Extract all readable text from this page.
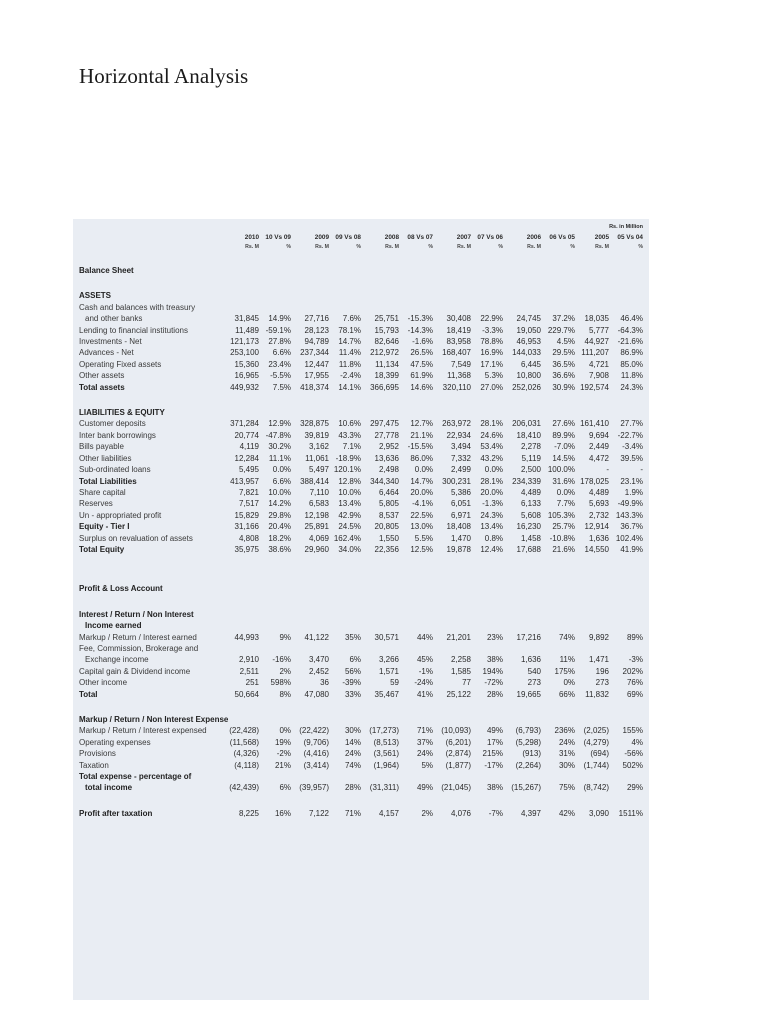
Horizontal Analysis
Rs. in Million
	2010	10 Vs 09	2009	09 Vs 08	2008	08 Vs 07	2007	07 Vs 06	2006	06 Vs 05	2005	05 Vs 04
	Rs. M	%	Rs. M	%	Rs. M	%	Rs. M	%	Rs. M	%	Rs. M	%

Balance Sheet												

ASSETS												
Cash and balances with treasury												
and other banks	31,845	14.9%	27,716	7.6%	25,751	-15.3%	30,408	22.9%	24,745	37.2%	18,035	46.4%
Lending to financial institutions	11,489	-59.1%	28,123	78.1%	15,793	-14.3%	18,419	-3.3%	19,050	229.7%	5,777	-64.3%
Investments - Net	121,173	27.8%	94,789	14.7%	82,646	-1.6%	83,958	78.8%	46,953	4.5%	44,927	-21.6%
Advances - Net	253,100	6.6%	237,344	11.4%	212,972	26.5%	168,407	16.9%	144,033	29.5%	111,207	86.9%
Operating Fixed assets	15,360	23.4%	12,447	11.8%	11,134	47.5%	7,549	17.1%	6,445	36.5%	4,721	85.0%
Other assets	16,965	-5.5%	17,955	-2.4%	18,399	61.9%	11,368	5.3%	10,800	36.6%	7,908	11.8%
Total assets	449,932	7.5%	418,374	14.1%	366,695	14.6%	320,110	27.0%	252,026	30.9%	192,574	24.3%

LIABILITIES & EQUITY												
Customer deposits	371,284	12.9%	328,875	10.6%	297,475	12.7%	263,972	28.1%	206,031	27.6%	161,410	27.7%
Inter bank borrowings	20,774	-47.8%	39,819	43.3%	27,778	21.1%	22,934	24.6%	18,410	89.9%	9,694	-22.7%
Bills payable	4,119	30.2%	3,162	7.1%	2,952	-15.5%	3,494	53.4%	2,278	-7.0%	2,449	-3.4%
Other liabilities	12,284	11.1%	11,061	-18.9%	13,636	86.0%	7,332	43.2%	5,119	14.5%	4,472	39.5%
Sub-ordinated loans	5,495	0.0%	5,497	120.1%	2,498	0.0%	2,499	0.0%	2,500	100.0%	-	-
Total Liabilities	413,957	6.6%	388,414	12.8%	344,340	14.7%	300,231	28.1%	234,339	31.6%	178,025	23.1%
Share capital	7,821	10.0%	7,110	10.0%	6,464	20.0%	5,386	20.0%	4,489	0.0%	4,489	1.9%
Reserves	7,517	14.2%	6,583	13.4%	5,805	-4.1%	6,051	-1.3%	6,133	7.7%	5,693	-49.9%
Un - appropriated profit	15,829	29.8%	12,198	42.9%	8,537	22.5%	6,971	24.3%	5,608	105.3%	2,732	143.3%
Equity - Tier I	31,166	20.4%	25,891	24.5%	20,805	13.0%	18,408	13.4%	16,230	25.7%	12,914	36.7%
Surplus on revaluation of assets	4,808	18.2%	4,069	162.4%	1,550	5.5%	1,470	0.8%	1,458	-10.8%	1,636	102.4%
Total Equity	35,975	38.6%	29,960	34.0%	22,356	12.5%	19,878	12.4%	17,688	21.6%	14,550	41.9%

Profit & Loss Account												

Interest / Return / Non Interest												
Income earned												
Markup / Return / Interest earned	44,993	9%	41,122	35%	30,571	44%	21,201	23%	17,216	74%	9,892	89%
Fee, Commission, Brokerage and												
Exchange income	2,910	-16%	3,470	6%	3,266	45%	2,258	38%	1,636	11%	1,471	-3%
Capital gain & Dividend income	2,511	2%	2,452	56%	1,571	-1%	1,585	194%	540	175%	196	202%
Other income	251	598%	36	-39%	59	-24%	77	-72%	273	0%	273	76%
Total	50,664	8%	47,080	33%	35,467	41%	25,122	28%	19,665	66%	11,832	69%

Markup / Return / Non Interest Expense												
Markup / Return / Interest expensed	(22,428)	0%	(22,422)	30%	(17,273)	71%	(10,093)	49%	(6,793)	236%	(2,025)	155%
Operating expenses	(11,568)	19%	(9,706)	14%	(8,513)	37%	(6,201)	17%	(5,298)	24%	(4,279)	4%
Provisions	(4,326)	-2%	(4,416)	24%	(3,561)	24%	(2,874)	215%	(913)	31%	(694)	-56%
Taxation	(4,118)	21%	(3,414)	74%	(1,964)	5%	(1,877)	-17%	(2,264)	30%	(1,744)	502%
Total expense - percentage of												
total income	(42,439)	6%	(39,957)	28%	(31,311)	49%	(21,045)	38%	(15,267)	75%	(8,742)	29%

Profit after taxation	8,225	16%	7,122	71%	4,157	2%	4,076	-7%	4,397	42%	3,090	1511%
